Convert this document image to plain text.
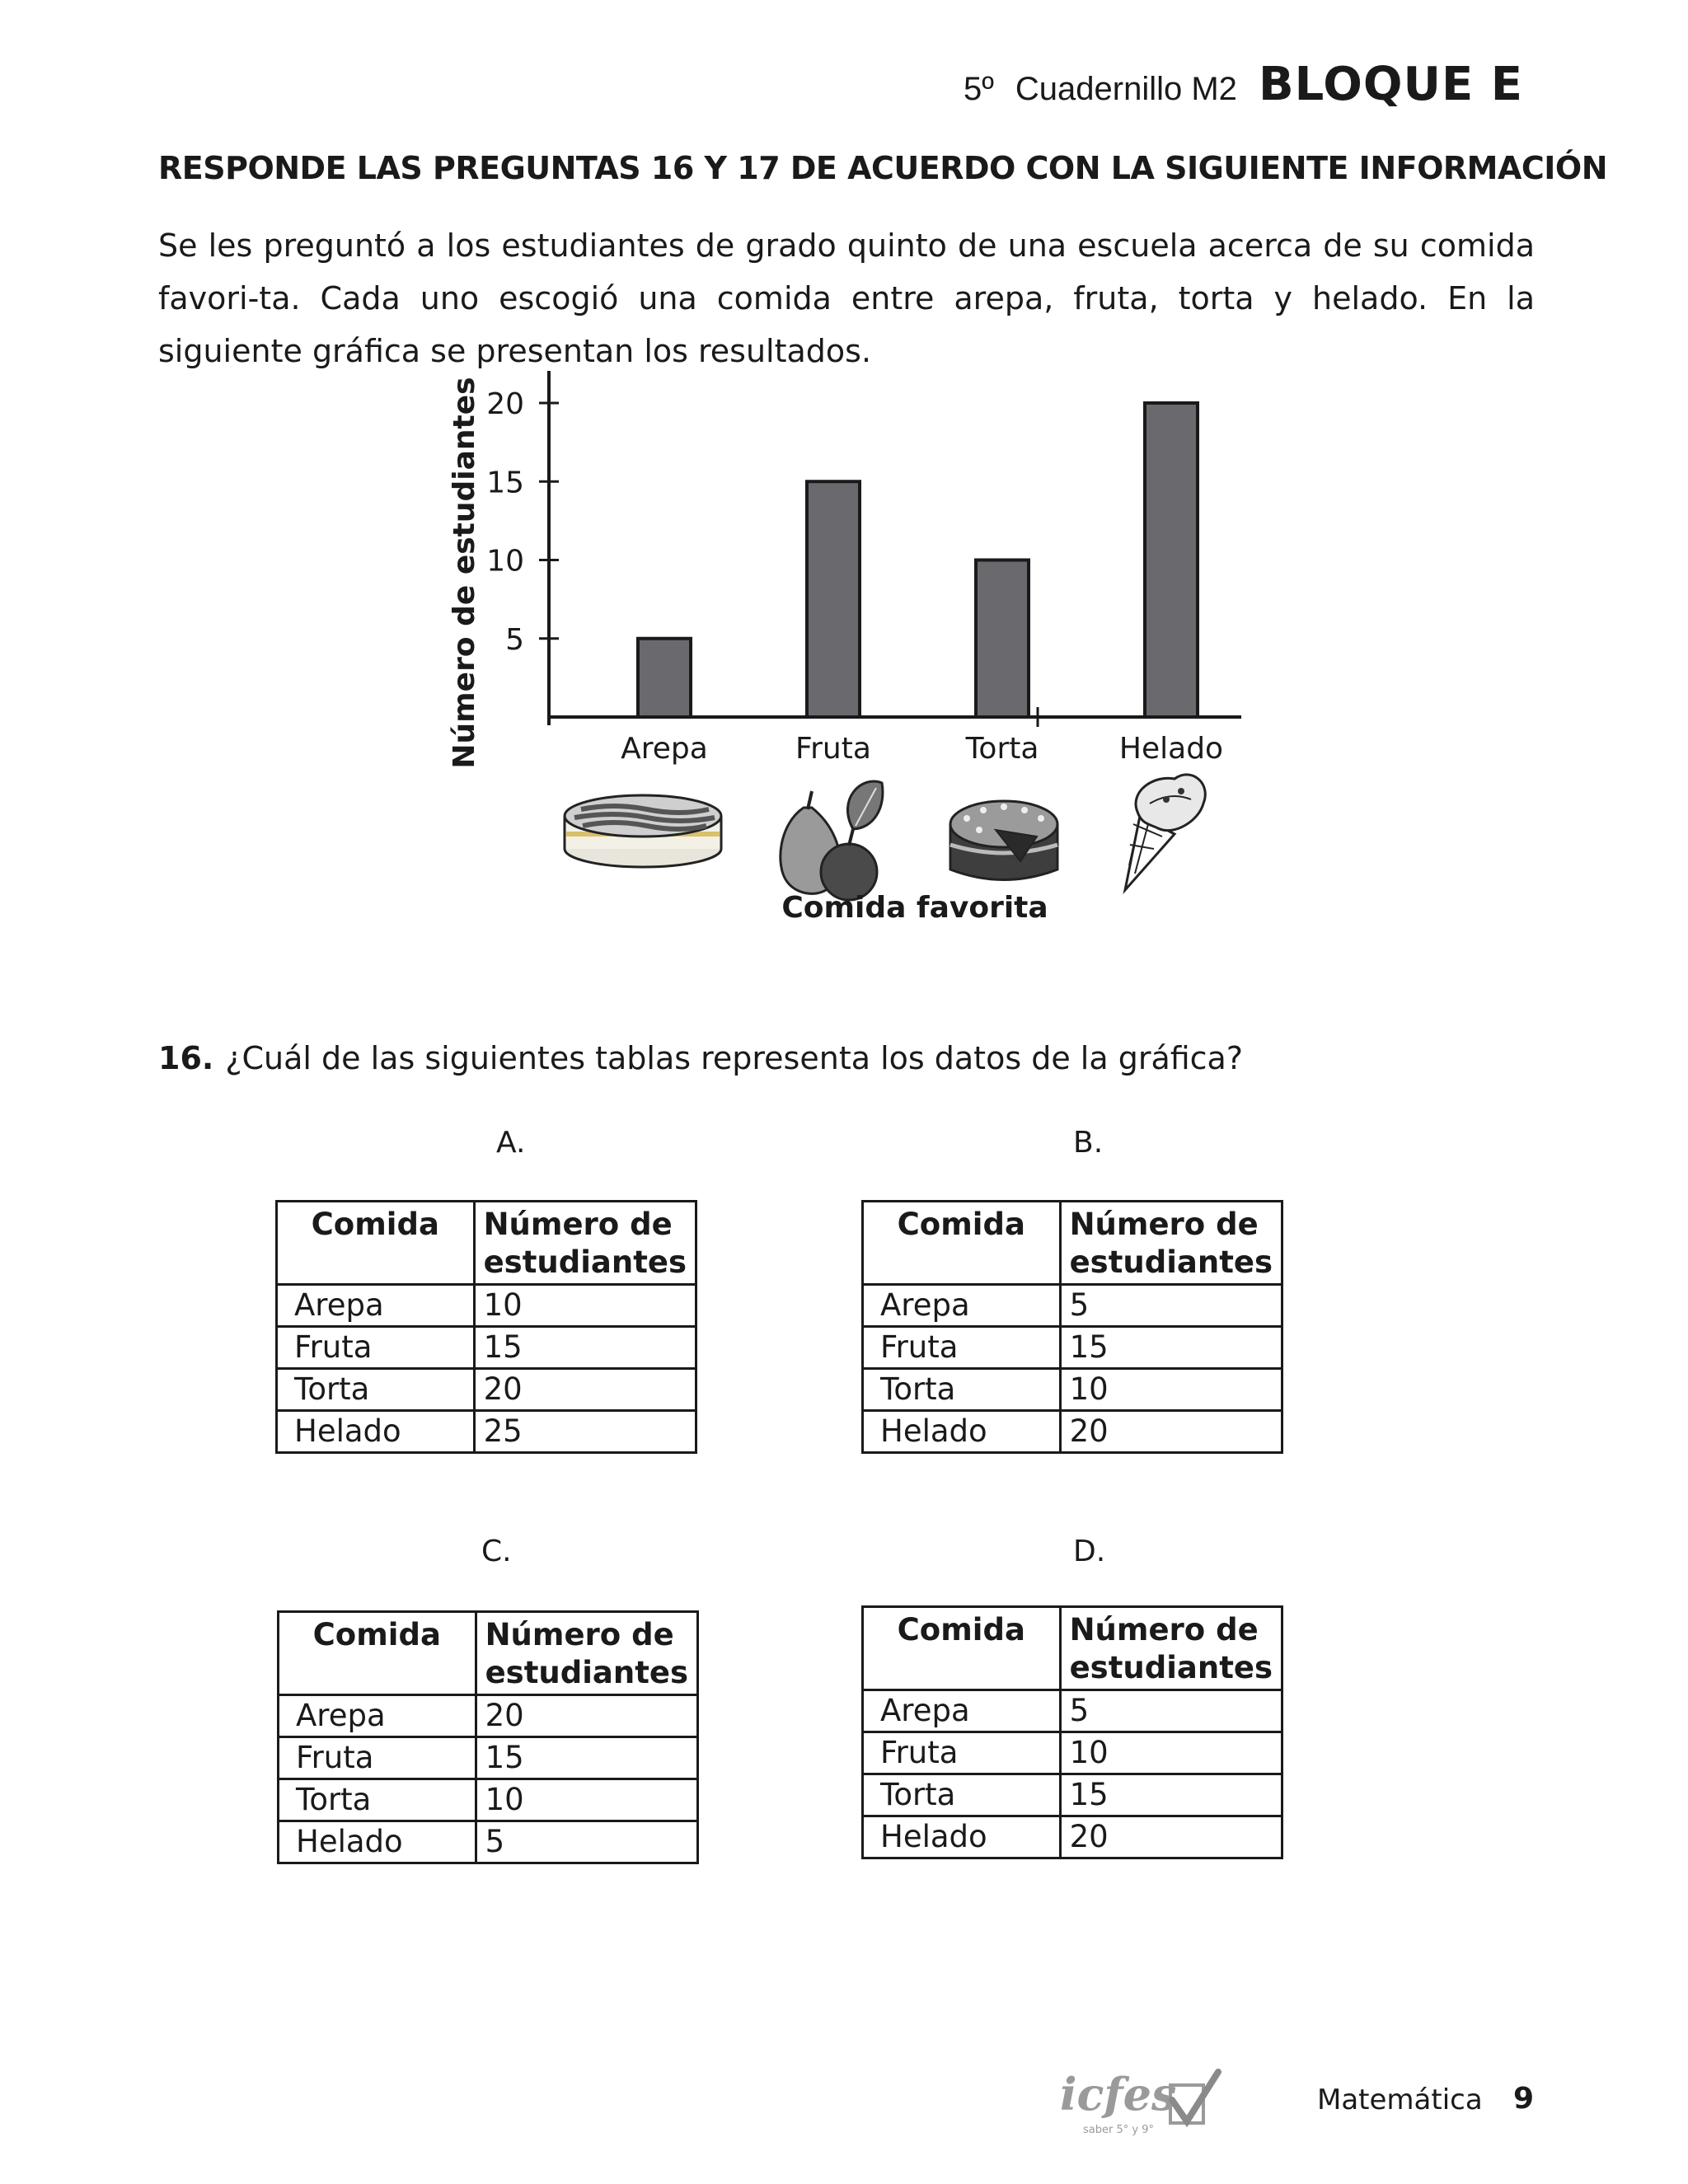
5º Cuadernillo M2 BLOQUE E
RESPONDE LAS PREGUNTAS 16 Y 17 DE ACUERDO CON LA SIGUIENTE INFORMACIÓN
Se les preguntó a los estudiantes de grado quinto de una escuela acerca de su comida favori-ta. Cada uno escogió una comida entre arepa, fruta, torta y helado. En la siguiente gráfica se presentan los resultados.
5
10
15
20
Arepa	Fruta	Torta	Helado
Comida favorita
Número de estudiantes
16. ¿Cuál de las siguientes tablas representa los datos de la gráfica?
A.
Comida	Número de estudiantes
Arepa	10
Fruta	15
Torta	20
Helado	25
B.
Comida	Número de estudiantes
Arepa	5
Fruta	15
Torta	10
Helado	20
C.
Comida	Número de estudiantes
Arepa	20
Fruta	15
Torta	10
Helado	5
D.
Comida	Número de estudiantes
Arepa	5
Fruta	10
Torta	15
Helado	20
icfes
saber 5° y 9°
Matemática 9
